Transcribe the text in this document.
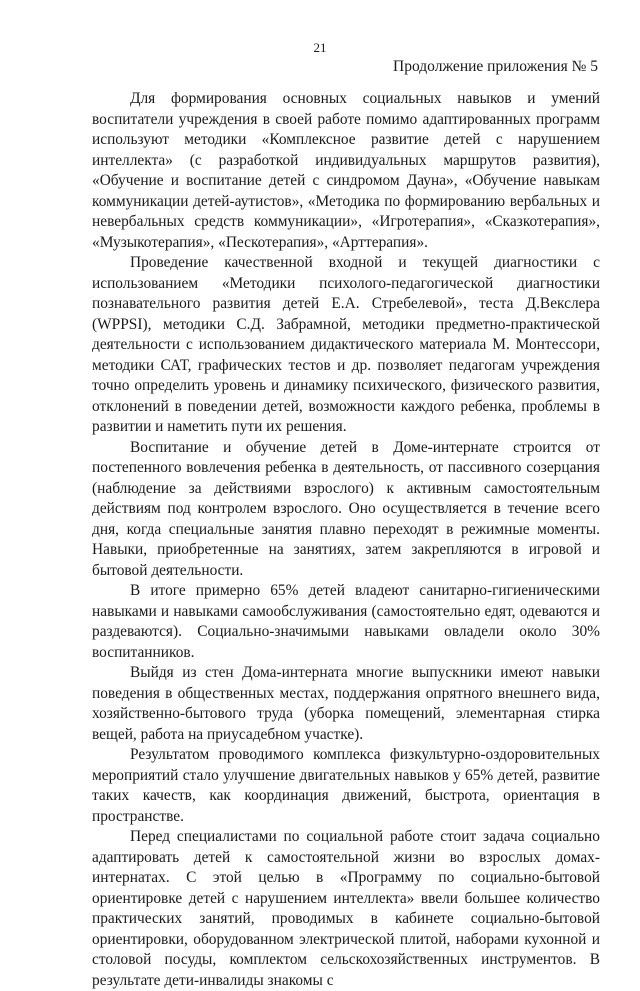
21
Продолжение приложения № 5

Для формирования основных социальных навыков и умений воспитатели учреждения в своей работе помимо адаптированных программ используют методики «Комплексное развитие детей с нарушением интеллекта» (с разработкой индивидуальных маршрутов развития), «Обучение и воспитание детей с синдромом Дауна», «Обучение навыкам коммуникации детей-аутистов», «Методика по формированию вербальных и невербальных средств коммуникации», «Игротерапия», «Сказкотерапия», «Музыкотерапия», «Пескотерапия», «Арттерапия».

Проведение качественной входной и текущей диагностики с использованием «Методики психолого-педагогической диагностики познавательного развития детей Е.А. Стребелевой», теста Д.Векслера (WPPSI), методики С.Д. Забрамной, методики предметно-практической деятельности с использованием дидактического материала М. Монтессори, методики САТ, графических тестов и др. позволяет педагогам учреждения точно определить уровень и динамику психического, физического развития, отклонений в поведении детей, возможности каждого ребенка, проблемы в развитии и наметить пути их решения.

Воспитание и обучение детей в Доме-интернате строится от постепенного вовлечения ребенка в деятельность, от пассивного созерцания (наблюдение за действиями взрослого) к активным самостоятельным действиям под контролем взрослого. Оно осуществляется в течение всего дня, когда специальные занятия плавно переходят в режимные моменты. Навыки, приобретенные на занятиях, затем закрепляются в игровой и бытовой деятельности.

В итоге примерно 65% детей владеют санитарно-гигиеническими навыками и навыками самообслуживания (самостоятельно едят, одеваются и раздеваются). Социально-значимыми навыками овладели около 30% воспитанников.

Выйдя из стен Дома-интерната многие выпускники имеют навыки поведения в общественных местах, поддержания опрятного внешнего вида, хозяйственно-бытового труда (уборка помещений, элементарная стирка вещей, работа на приусадебном участке).

Результатом проводимого комплекса физкультурно-оздоровительных мероприятий стало улучшение двигательных навыков у 65% детей, развитие таких качеств, как координация движений, быстрота, ориентация в пространстве.

Перед специалистами по социальной работе стоит задача социально адаптировать детей к самостоятельной жизни во взрослых домах-интернатах. С этой целью в «Программу по социально-бытовой ориентировке детей с нарушением интеллекта» ввели большее количество практических занятий, проводимых в кабинете социально-бытовой ориентировки, оборудованном электрической плитой, наборами кухонной и столовой посуды, комплектом сельскохозяйственных инструментов. В результате дети-инвалиды знакомы с
